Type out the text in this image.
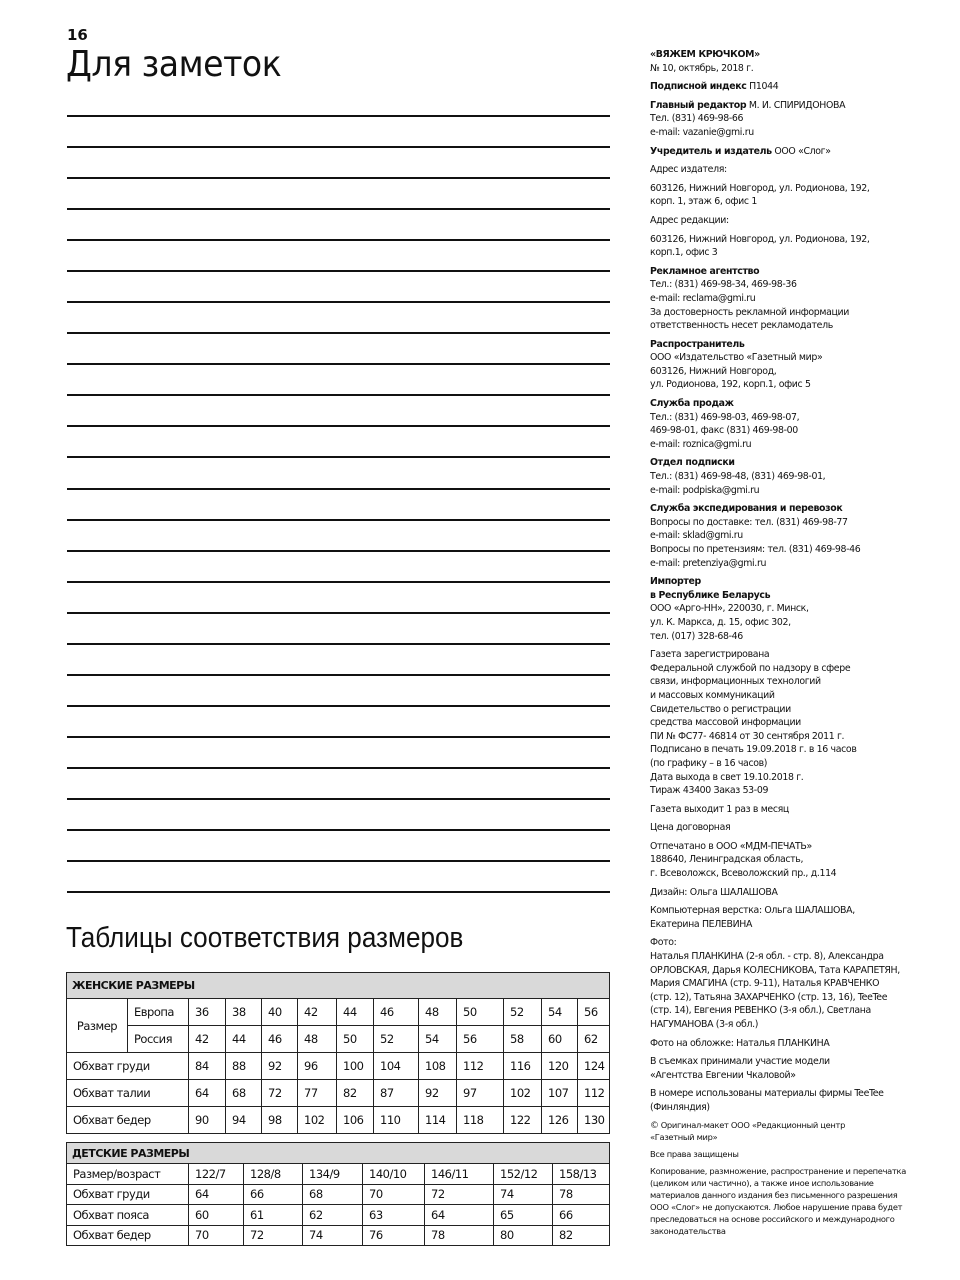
16
Для заметок
Таблицы соответствия размеров
ЖЕНСКИЕ РАЗМЕРЫ												
Размер	Европа	36	38	40	42	44	46	48	50	52	54	56
	Россия	42	44	46	48	50	52	54	56	58	60	62
Обхват груди		84	88	92	96	100	104	108	112	116	120	124
Обхват талии		64	68	72	77	82	87	92	97	102	107	112
Обхват бедер		90	94	98	102	106	110	114	118	122	126	130
ДЕТСКИЕ РАЗМЕРЫ							
Размер/возраст	122/7	128/8	134/9	140/10	146/11	152/12	158/13
Обхват груди	64	66	68	70	72	74	78
Обхват пояса	60	61	62	63	64	65	66
Обхват бедер	70	72	74	76	78	80	82
«ВЯЖЕМ КРЮЧКОМ»
№ 10, октябрь, 2018 г.
Подписной индекс П1044
Главный редактор М. И. СПИРИДОНОВА
Тел. (831) 469-98-66
e-mail: vazanie@gmi.ru
Учредитель и издатель ООО «Слог»
Адрес издателя:
603126, Нижний Новгород, ул. Родионова, 192,
корп. 1, этаж 6, офис 1
Адрес редакции:
603126, Нижний Новгород, ул. Родионова, 192,
корп.1, офис 3
Рекламное агентство
Тел.: (831) 469-98-34, 469-98-36
e-mail: reclama@gmi.ru
За достоверность рекламной информации
ответственность несет рекламодатель
Распространитель
ООО «Издательство «Газетный мир»
603126, Нижний Новгород,
ул. Родионова, 192, корп.1, офис 5
Служба продаж
Тел.: (831) 469-98-03, 469-98-07,
469-98-01, факс (831) 469-98-00
e-mail: roznica@gmi.ru
Отдел подписки
Тел.: (831) 469-98-48, (831) 469-98-01,
e-mail: podpiska@gmi.ru
Служба экспедирования и перевозок
Вопросы по доставке: тел. (831) 469-98-77
e-mail: sklad@gmi.ru
Вопросы по претензиям: тел. (831) 469-98-46
e-mail: pretenziya@gmi.ru
Импортер
в Республике Беларусь
ООО «Арго-НН», 220030, г. Минск,
ул. К. Маркса, д. 15, офис 302,
тел. (017) 328-68-46
Газета зарегистрирована
Федеральной службой по надзору в сфере
связи, информационных технологий
и массовых коммуникаций
Свидетельство о регистрации
средства массовой информации
ПИ № ФС77- 46814 от 30 сентября 2011 г.
Подписано в печать 19.09.2018 г. в 16 часов
(по графику – в 16 часов)
Дата выхода в свет 19.10.2018 г.
Тираж 43400 Заказ 53-09
Газета выходит 1 раз в месяц
Цена договорная
Отпечатано в ООО «МДМ-ПЕЧАТЬ»
188640, Ленинградская область,
г. Всеволожск, Всеволожский пр., д.114
Дизайн: Ольга ШАЛАШОВА
Компьютерная верстка: Ольга ШАЛАШОВА,
Екатерина ПЕЛЕВИНА
Фото:
Наталья ПЛАНКИНА (2-я обл. - стр. 8), Александра
ОРЛОВСКАЯ, Дарья КОЛЕСНИКОВА, Тата КАРАПЕТЯН,
Мария СМАГИНА (стр. 9-11), Наталья КРАВЧЕНКО
(стр. 12), Татьяна ЗАХАРЧЕНКО (стр. 13, 16), TeeTee
(стр. 14), Евгения РЕВЕНКО (3-я обл.), Светлана
НАГУМАНОВА (3-я обл.)
Фото на обложке: Наталья ПЛАНКИНА
В съемках принимали участие модели
«Агентства Евгении Чкаловой»
В номере использованы материалы фирмы TeeTee
(Финляндия)
© Оригинал-макет ООО «Редакционный центр
«Газетный мир»
Все права защищены
Копирование, размножение, распространение и перепечатка
(целиком или частично), а также иное использование
материалов данного издания без письменного разрешения
ООО «Слог» не допускаются. Любое нарушение права будет
преследоваться на основе российского и международного
законодательства
